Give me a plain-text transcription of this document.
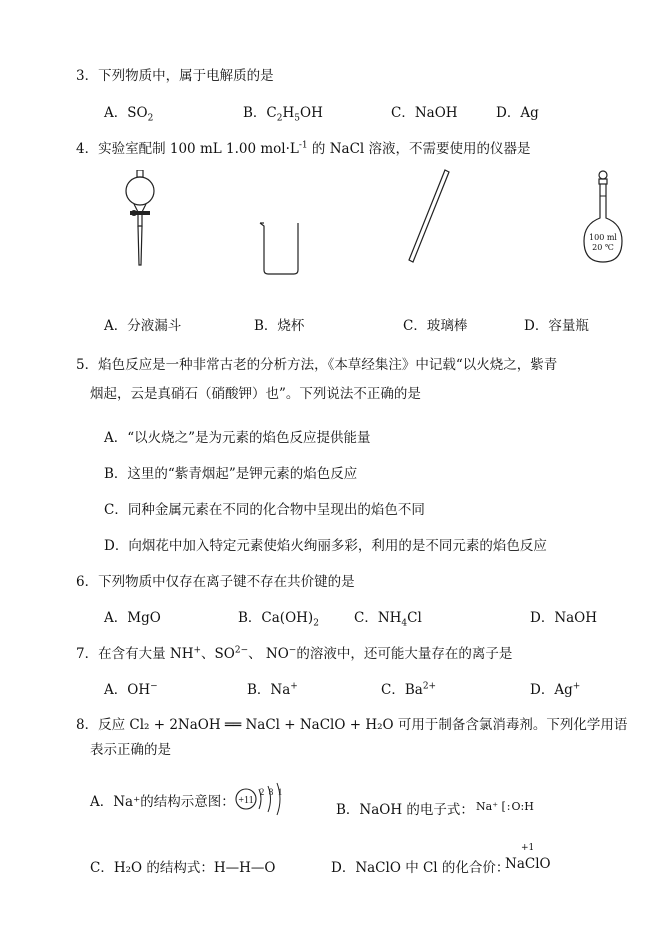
3．下列物质中，属于电解质的是
A．$SO_2$	B．$C_2H_5OH$	C．NaOH	D．Ag
4．实验室配制 100 mL 1.00 $mol\cdot L^{-1}$ 的 NaCl 溶液，不需要使用的仪器是
100 ml
20 ℃
A．分液漏斗	B．烧杯	C．玻璃棒	D．容量瓶
5．焰色反应是一种非常古老的分析方法，《本草经集注》中记载“以火烧之，紫青
烟起，云是真硝石（硝酸钾）也”。下列说法不正确的是
A．“以火烧之”是为元素的焰色反应提供能量
B．这里的“紫青烟起”是钾元素的焰色反应
C．同种金属元素在不同的化合物中呈现出的焰色不同
D．向烟花中加入特定元素使焰火绚丽多彩，利用的是不同元素的焰色反应
6．下列物质中仅存在离子键不存在共价键的是
A．MgO	B．$Ca(OH)_2$	C．$NH_4Cl$	D．NaOH
7．在含有大量 NH+、$SO^{2-}$、 NO−的溶液中，还可能大量存在的离子是
A．OH−	B．Na+	C．$Ba^{2+}$	D．Ag+
8．反应 Cl₂ + 2NaOH ══ NaCl + NaClO + H₂O 可用于制备含氯消毒剂。下列化学用语
表示正确的是
A．Na⁺的结构示意图： +11
2 8 1
B．NaOH 的电子式： Na⁺ [:O:H
C．H₂O 的结构式：H—H—O	D．NaClO 中 Cl 的化合价：
NaClO
+1
